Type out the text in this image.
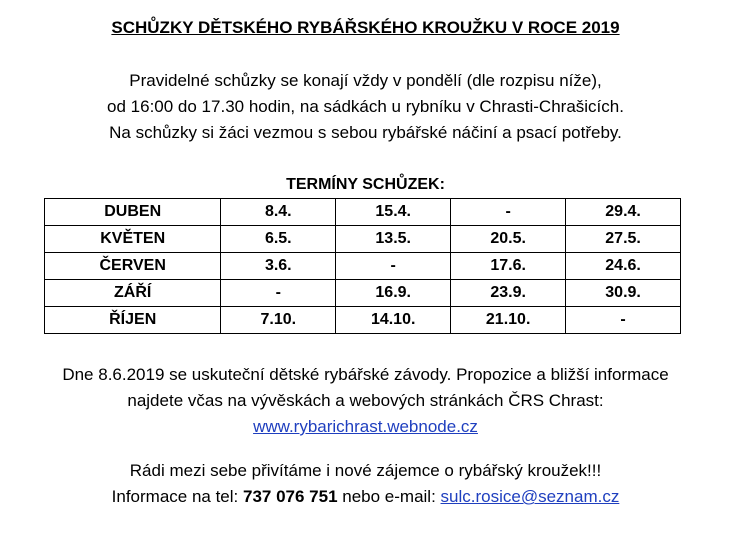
SCHŮZKY DĚTSKÉHO RYBÁŘSKÉHO KROUŽKU V ROCE 2019
Pravidelné schůzky se konají vždy v pondělí (dle rozpisu níže),
od 16:00 do 17.30 hodin, na sádkách u rybníku v Chrasti-Chrašicích.
Na schůzky si žáci vezmou s sebou rybářské náčiní a psací potřeby.
TERMÍNY SCHŮZEK:
DUBEN	8.4.	15.4.	-	29.4.
KVĚTEN	6.5.	13.5.	20.5.	27.5.
ČERVEN	3.6.	-	17.6.	24.6.
ZÁŘÍ	-	16.9.	23.9.	30.9.
ŘÍJEN	7.10.	14.10.	21.10.	-
Dne 8.6.2019 se uskuteční dětské rybářské závody. Propozice a bližší informace
najdete včas na vývěskách a webových stránkách ČRS Chrast:
www.rybarichrast.webnode.cz
Rádi mezi sebe přivítáme i nové zájemce o rybářský kroužek!!!
Informace na tel: 737 076 751 nebo e-mail: sulc.rosice@seznam.cz
